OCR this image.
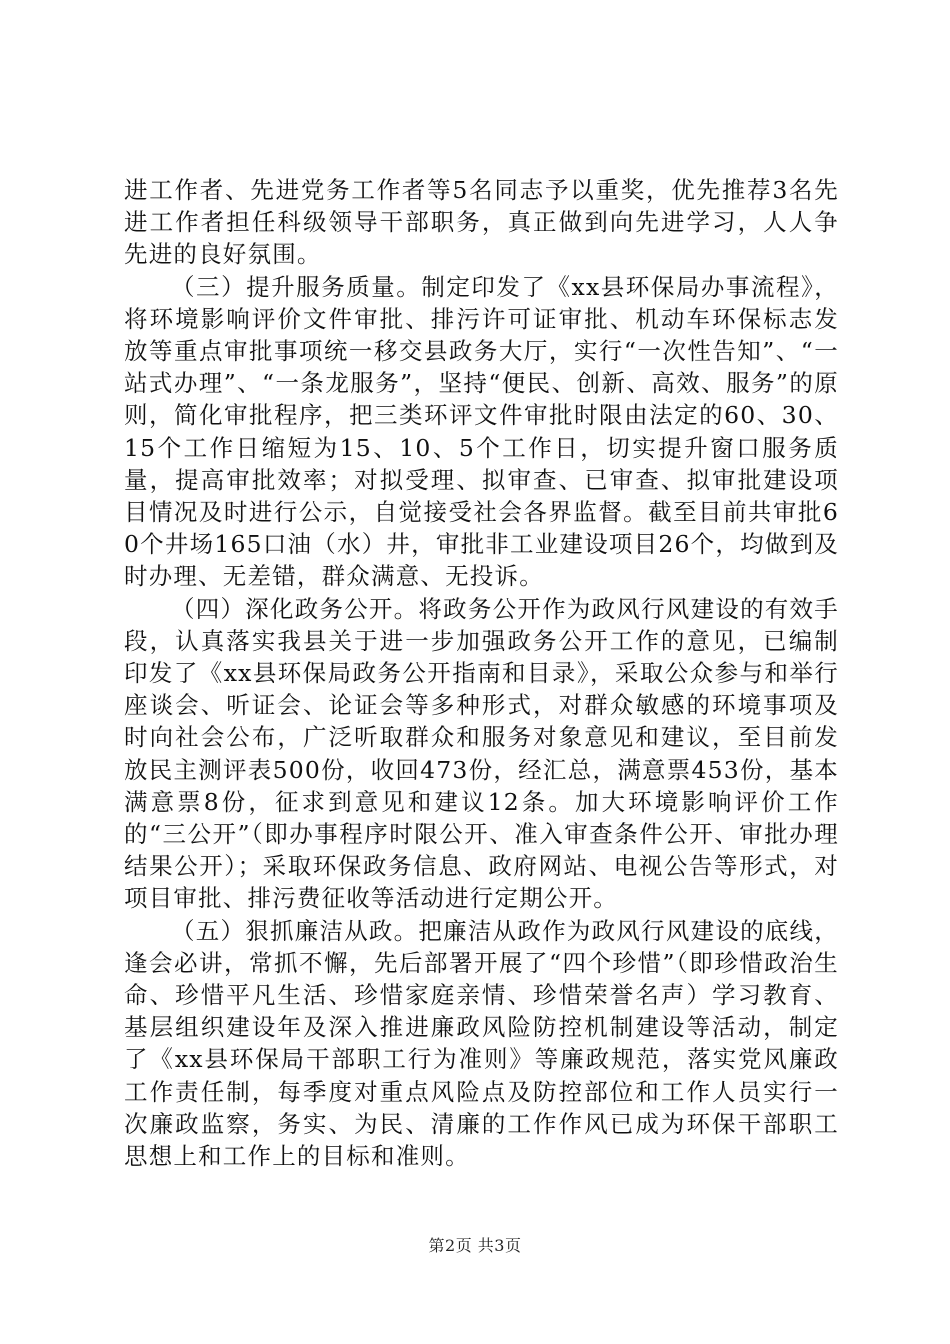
进工作者、先进党务工作者等5名同志予以重奖，优先推荐3名先进工作者担任科级领导干部职务，真正做到向先进学习，人人争先进的良好氛围。

（三）提升服务质量。制定印发了《xx县环保局办事流程》，将环境影响评价文件审批、排污许可证审批、机动车环保标志发放等重点审批事项统一移交县政务大厅，实行“一次性告知”、“一站式办理”、“一条龙服务”，坚持“便民、创新、高效、服务”的原则，简化审批程序，把三类环评文件审批时限由法定的60、30、15个工作日缩短为15、10、5个工作日，切实提升窗口服务质量，提高审批效率；对拟受理、拟审查、已审查、拟审批建设项目情况及时进行公示，自觉接受社会各界监督。截至目前共审批60个井场165口油（水）井，审批非工业建设项目26个，均做到及时办理、无差错，群众满意、无投诉。

（四）深化政务公开。将政务公开作为政风行风建设的有效手段，认真落实我县关于进一步加强政务公开工作的意见，已编制印发了《xx县环保局政务公开指南和目录》，采取公众参与和举行座谈会、听证会、论证会等多种形式，对群众敏感的环境事项及时向社会公布，广泛听取群众和服务对象意见和建议，至目前发放民主测评表500份，收回473份，经汇总，满意票453份，基本满意票8份，征求到意见和建议12条。加大环境影响评价工作的“三公开”（即办事程序时限公开、准入审查条件公开、审批办理结果公开）；采取环保政务信息、政府网站、电视公告等形式，对项目审批、排污费征收等活动进行定期公开。

（五）狠抓廉洁从政。把廉洁从政作为政风行风建设的底线，逢会必讲，常抓不懈，先后部署开展了“四个珍惜”（即珍惜政治生命、珍惜平凡生活、珍惜家庭亲情、珍惜荣誉名声）学习教育、基层组织建设年及深入推进廉政风险防控机制建设等活动，制定了《xx县环保局干部职工行为准则》等廉政规范，落实党风廉政工作责任制，每季度对重点风险点及防控部位和工作人员实行一次廉政监察，务实、为民、清廉的工作作风已成为环保干部职工思想上和工作上的目标和准则。

第2页 共3页
